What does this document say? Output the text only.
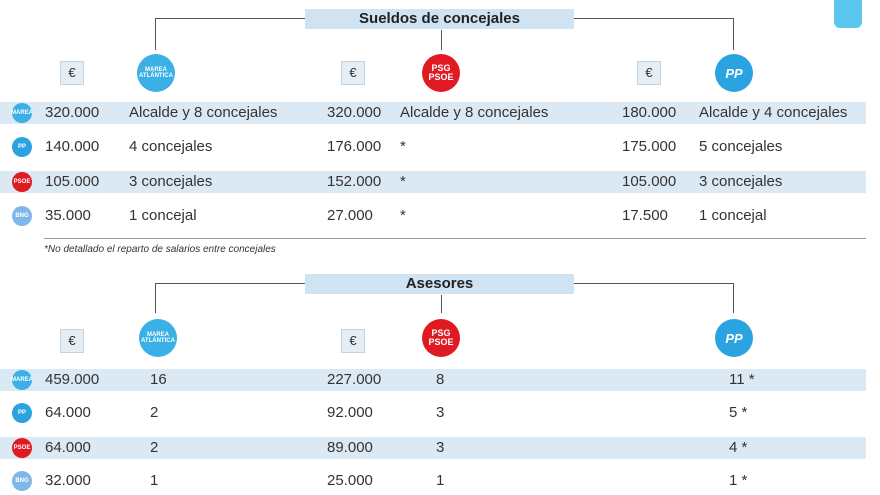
Sueldos de concejales
€	MAREA ATLÁNTICA	€	PSG
PSOE	€	PP
MAREA 320.000 Alcalde y 8 concejales	320.000 Alcalde y 8 concejales	180.000 Alcalde y 4 concejales
PP	140.000 4 concejales	176.000 *	175.000 5 concejales
PSOE 105.000 3 concejales	152.000 *	105.000 3 concejales
BNG 35.000	1 concejal	27.000 *	17.500 1 concejal
*No detallado el reparto de salarios entre concejales
Asesores
€	MAREA ATLÁNTICA	€	PSG
PSOE	PP
MAREA 459.000	16	227.000	8	11 *
PP	64.000	2	92.000	3	5 *
PSOE 64.000	2	89.000	3	4 *
BNG 32.000	1	25.000	1	1 *
